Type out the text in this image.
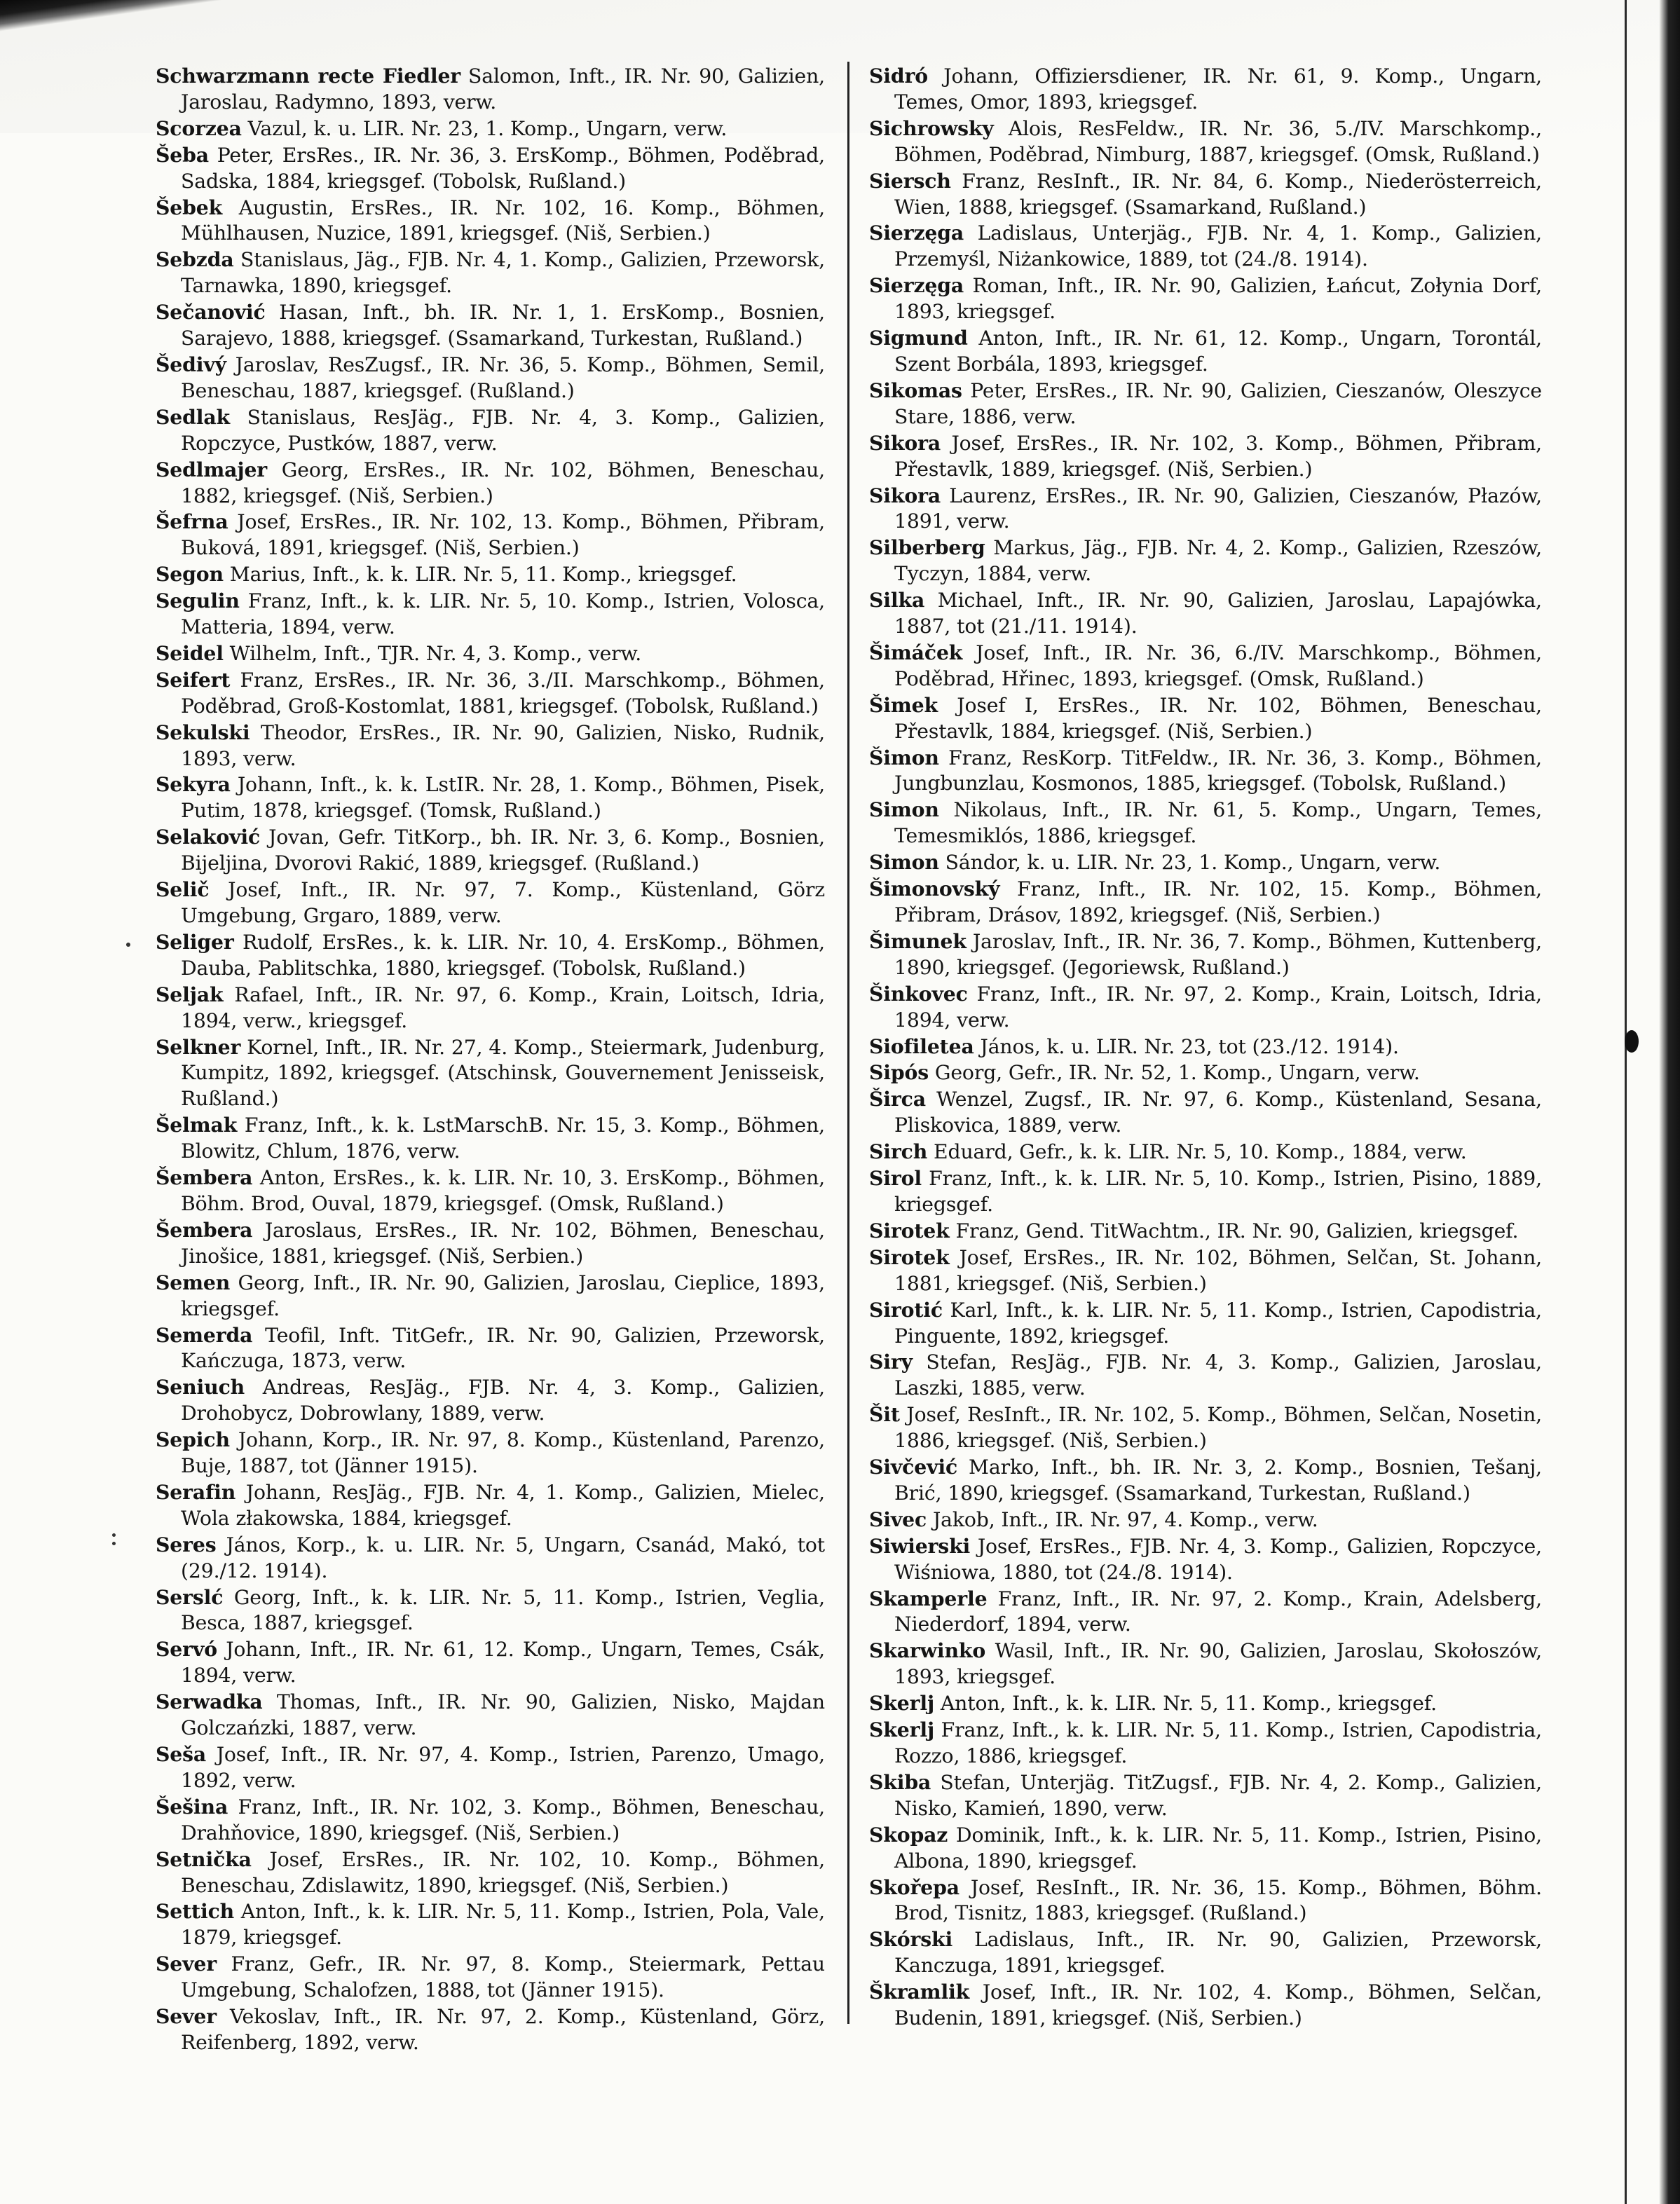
Schwarzmann recte Fiedler Salomon, Inft., IR. Nr. 90, Galizien, Jaroslau, Radymno, 1893, verw.
Scorzea Vazul, k. u. LIR. Nr. 23, 1. Komp., Ungarn, verw.
Šeba Peter, ErsRes., IR. Nr. 36, 3. ErsKomp., Böhmen, Poděbrad, Sadska, 1884, kriegsgef. (Tobolsk, Rußland.)
Šebek Augustin, ErsRes., IR. Nr. 102, 16. Komp., Böhmen, Mühlhausen, Nuzice, 1891, kriegsgef. (Niš, Serbien.)
Sebzda Stanislaus, Jäg., FJB. Nr. 4, 1. Komp., Galizien, Przeworsk, Tarnawka, 1890, kriegsgef.
Sečanović Hasan, Inft., bh. IR. Nr. 1, 1. ErsKomp., Bosnien, Sarajevo, 1888, kriegsgef. (Ssamarkand, Turkestan, Rußland.)
Šedivý Jaroslav, ResZugsf., IR. Nr. 36, 5. Komp., Böhmen, Semil, Beneschau, 1887, kriegsgef. (Rußland.)
Sedlak Stanislaus, ResJäg., FJB. Nr. 4, 3. Komp., Galizien, Ropczyce, Pustków, 1887, verw.
Sedlmajer Georg, ErsRes., IR. Nr. 102, Böhmen, Beneschau, 1882, kriegsgef. (Niš, Serbien.)
Šefrna Josef, ErsRes., IR. Nr. 102, 13. Komp., Böhmen, Přibram, Buková, 1891, kriegsgef. (Niš, Serbien.)
Segon Marius, Inft., k. k. LIR. Nr. 5, 11. Komp., kriegsgef.
Segulin Franz, Inft., k. k. LIR. Nr. 5, 10. Komp., Istrien, Volosca, Matteria, 1894, verw.
Seidel Wilhelm, Inft., TJR. Nr. 4, 3. Komp., verw.
Seifert Franz, ErsRes., IR. Nr. 36, 3./II. Marschkomp., Böhmen, Poděbrad, Groß-Kostomlat, 1881, kriegsgef. (Tobolsk, Rußland.)
Sekulski Theodor, ErsRes., IR. Nr. 90, Galizien, Nisko, Rudnik, 1893, verw.
Sekyra Johann, Inft., k. k. LstIR. Nr. 28, 1. Komp., Böhmen, Pisek, Putim, 1878, kriegsgef. (Tomsk, Rußland.)
Selaković Jovan, Gefr. TitKorp., bh. IR. Nr. 3, 6. Komp., Bosnien, Bijeljina, Dvorovi Rakić, 1889, kriegsgef. (Rußland.)
Selič Josef, Inft., IR. Nr. 97, 7. Komp., Küstenland, Görz Umgebung, Grgaro, 1889, verw.
Seliger Rudolf, ErsRes., k. k. LIR. Nr. 10, 4. ErsKomp., Böhmen, Dauba, Pablitschka, 1880, kriegsgef. (Tobolsk, Rußland.)
Seljak Rafael, Inft., IR. Nr. 97, 6. Komp., Krain, Loitsch, Idria, 1894, verw., kriegsgef.
Selkner Kornel, Inft., IR. Nr. 27, 4. Komp., Steiermark, Judenburg, Kumpitz, 1892, kriegsgef. (Atschinsk, Gouvernement Jenisseisk, Rußland.)
Šelmak Franz, Inft., k. k. LstMarschB. Nr. 15, 3. Komp., Böhmen, Blowitz, Chlum, 1876, verw.
Šembera Anton, ErsRes., k. k. LIR. Nr. 10, 3. ErsKomp., Böhmen, Böhm. Brod, Ouval, 1879, kriegsgef. (Omsk, Rußland.)
Šembera Jaroslaus, ErsRes., IR. Nr. 102, Böhmen, Beneschau, Jinošice, 1881, kriegsgef. (Niš, Serbien.)
Semen Georg, Inft., IR. Nr. 90, Galizien, Jaroslau, Cieplice, 1893, kriegsgef.
Semerda Teofil, Inft. TitGefr., IR. Nr. 90, Galizien, Przeworsk, Kańczuga, 1873, verw.
Seniuch Andreas, ResJäg., FJB. Nr. 4, 3. Komp., Galizien, Drohobycz, Dobrowlany, 1889, verw.
Sepich Johann, Korp., IR. Nr. 97, 8. Komp., Küstenland, Parenzo, Buje, 1887, tot (Jänner 1915).
Serafin Johann, ResJäg., FJB. Nr. 4, 1. Komp., Galizien, Mielec, Wola złakowska, 1884, kriegsgef.
Seres János, Korp., k. u. LIR. Nr. 5, Ungarn, Csanád, Makó, tot (29./12. 1914).
Serslć Georg, Inft., k. k. LIR. Nr. 5, 11. Komp., Istrien, Veglia, Besca, 1887, kriegsgef.
Servó Johann, Inft., IR. Nr. 61, 12. Komp., Ungarn, Temes, Csák, 1894, verw.
Serwadka Thomas, Inft., IR. Nr. 90, Galizien, Nisko, Majdan Golczańzki, 1887, verw.
Seša Josef, Inft., IR. Nr. 97, 4. Komp., Istrien, Parenzo, Umago, 1892, verw.
Šešina Franz, Inft., IR. Nr. 102, 3. Komp., Böhmen, Beneschau, Drahňovice, 1890, kriegsgef. (Niš, Serbien.)
Setnička Josef, ErsRes., IR. Nr. 102, 10. Komp., Böhmen, Beneschau, Zdislawitz, 1890, kriegsgef. (Niš, Serbien.)
Settich Anton, Inft., k. k. LIR. Nr. 5, 11. Komp., Istrien, Pola, Vale, 1879, kriegsgef.
Sever Franz, Gefr., IR. Nr. 97, 8. Komp., Steiermark, Pettau Umgebung, Schalofzen, 1888, tot (Jänner 1915).
Sever Vekoslav, Inft., IR. Nr. 97, 2. Komp., Küstenland, Görz, Reifenberg, 1892, verw.
Sidró Johann, Offiziersdiener, IR. Nr. 61, 9. Komp., Ungarn, Temes, Omor, 1893, kriegsgef.
Sichrowsky Alois, ResFeldw., IR. Nr. 36, 5./IV. Marschkomp., Böhmen, Poděbrad, Nimburg, 1887, kriegsgef. (Omsk, Rußland.)
Siersch Franz, ResInft., IR. Nr. 84, 6. Komp., Niederösterreich, Wien, 1888, kriegsgef. (Ssamarkand, Rußland.)
Sierzęga Ladislaus, Unterjäg., FJB. Nr. 4, 1. Komp., Galizien, Przemyśl, Niżankowice, 1889, tot (24./8. 1914).
Sierzęga Roman, Inft., IR. Nr. 90, Galizien, Łańcut, Zołynia Dorf, 1893, kriegsgef.
Sigmund Anton, Inft., IR. Nr. 61, 12. Komp., Ungarn, Torontál, Szent Borbála, 1893, kriegsgef.
Sikomas Peter, ErsRes., IR. Nr. 90, Galizien, Cieszanów, Oleszyce Stare, 1886, verw.
Sikora Josef, ErsRes., IR. Nr. 102, 3. Komp., Böhmen, Přibram, Přestavlk, 1889, kriegsgef. (Niš, Serbien.)
Sikora Laurenz, ErsRes., IR. Nr. 90, Galizien, Cieszanów, Płazów, 1891, verw.
Silberberg Markus, Jäg., FJB. Nr. 4, 2. Komp., Galizien, Rzeszów, Tyczyn, 1884, verw.
Silka Michael, Inft., IR. Nr. 90, Galizien, Jaroslau, Lapajówka, 1887, tot (21./11. 1914).
Šimáček Josef, Inft., IR. Nr. 36, 6./IV. Marschkomp., Böhmen, Poděbrad, Hřinec, 1893, kriegsgef. (Omsk, Rußland.)
Šimek Josef I, ErsRes., IR. Nr. 102, Böhmen, Beneschau, Přestavlk, 1884, kriegsgef. (Niš, Serbien.)
Šimon Franz, ResKorp. TitFeldw., IR. Nr. 36, 3. Komp., Böhmen, Jungbunzlau, Kosmonos, 1885, kriegsgef. (Tobolsk, Rußland.)
Simon Nikolaus, Inft., IR. Nr. 61, 5. Komp., Ungarn, Temes, Temesmiklós, 1886, kriegsgef.
Simon Sándor, k. u. LIR. Nr. 23, 1. Komp., Ungarn, verw.
Šimonovský Franz, Inft., IR. Nr. 102, 15. Komp., Böhmen, Přibram, Drásov, 1892, kriegsgef. (Niš, Serbien.)
Šimunek Jaroslav, Inft., IR. Nr. 36, 7. Komp., Böhmen, Kuttenberg, 1890, kriegsgef. (Jegoriewsk, Rußland.)
Šinkovec Franz, Inft., IR. Nr. 97, 2. Komp., Krain, Loitsch, Idria, 1894, verw.
Siofiletea János, k. u. LIR. Nr. 23, tot (23./12. 1914).
Sipós Georg, Gefr., IR. Nr. 52, 1. Komp., Ungarn, verw.
Širca Wenzel, Zugsf., IR. Nr. 97, 6. Komp., Küstenland, Sesana, Pliskovica, 1889, verw.
Sirch Eduard, Gefr., k. k. LIR. Nr. 5, 10. Komp., 1884, verw.
Sirol Franz, Inft., k. k. LIR. Nr. 5, 10. Komp., Istrien, Pisino, 1889, kriegsgef.
Sirotek Franz, Gend. TitWachtm., IR. Nr. 90, Galizien, kriegsgef.
Sirotek Josef, ErsRes., IR. Nr. 102, Böhmen, Selčan, St. Johann, 1881, kriegsgef. (Niš, Serbien.)
Sirotić Karl, Inft., k. k. LIR. Nr. 5, 11. Komp., Istrien, Capodistria, Pinguente, 1892, kriegsgef.
Siry Stefan, ResJäg., FJB. Nr. 4, 3. Komp., Galizien, Jaroslau, Laszki, 1885, verw.
Šit Josef, ResInft., IR. Nr. 102, 5. Komp., Böhmen, Selčan, Nosetin, 1886, kriegsgef. (Niš, Serbien.)
Sivčević Marko, Inft., bh. IR. Nr. 3, 2. Komp., Bosnien, Tešanj, Brić, 1890, kriegsgef. (Ssamarkand, Turkestan, Rußland.)
Sivec Jakob, Inft., IR. Nr. 97, 4. Komp., verw.
Siwierski Josef, ErsRes., FJB. Nr. 4, 3. Komp., Galizien, Ropczyce, Wiśniowa, 1880, tot (24./8. 1914).
Skamperle Franz, Inft., IR. Nr. 97, 2. Komp., Krain, Adelsberg, Niederdorf, 1894, verw.
Skarwinko Wasil, Inft., IR. Nr. 90, Galizien, Jaroslau, Skołoszów, 1893, kriegsgef.
Skerlj Anton, Inft., k. k. LIR. Nr. 5, 11. Komp., kriegsgef.
Skerlj Franz, Inft., k. k. LIR. Nr. 5, 11. Komp., Istrien, Capodistria, Rozzo, 1886, kriegsgef.
Skiba Stefan, Unterjäg. TitZugsf., FJB. Nr. 4, 2. Komp., Galizien, Nisko, Kamień, 1890, verw.
Skopaz Dominik, Inft., k. k. LIR. Nr. 5, 11. Komp., Istrien, Pisino, Albona, 1890, kriegsgef.
Skořepa Josef, ResInft., IR. Nr. 36, 15. Komp., Böhmen, Böhm. Brod, Tisnitz, 1883, kriegsgef. (Rußland.)
Skórski Ladislaus, Inft., IR. Nr. 90, Galizien, Przeworsk, Kanczuga, 1891, kriegsgef.
Škramlik Josef, Inft., IR. Nr. 102, 4. Komp., Böhmen, Selčan, Budenin, 1891, kriegsgef. (Niš, Serbien.)
